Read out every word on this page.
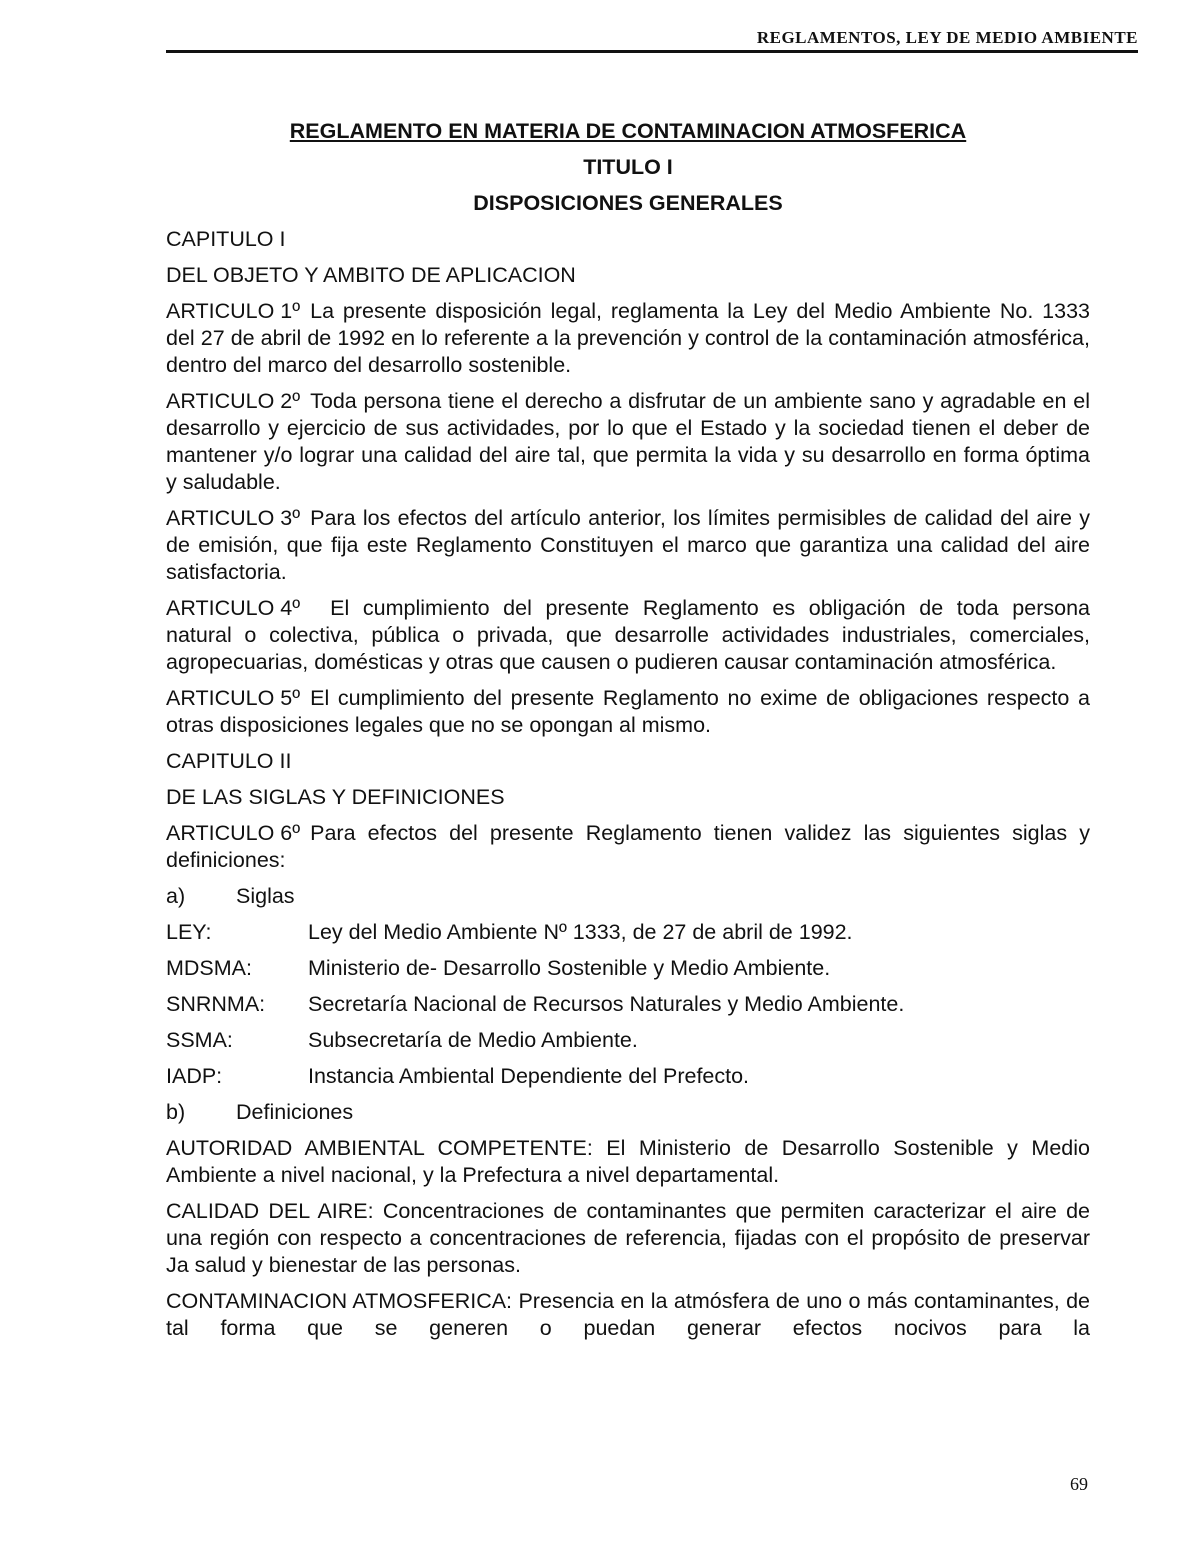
REGLAMENTOS, LEY DE MEDIO AMBIENTE
REGLAMENTO EN MATERIA DE CONTAMINACION ATMOSFERICA
TITULO I
DISPOSICIONES GENERALES
CAPITULO I
DEL OBJETO Y AMBITO DE APLICACION
ARTICULO 1º La presente disposición legal, reglamenta la Ley del Medio Ambiente No. 1333 del 27 de abril de 1992 en lo referente a la prevención y control de la contaminación atmosférica, dentro del marco del desarrollo sostenible.
ARTICULO 2º Toda persona tiene el derecho a disfrutar de un ambiente sano y agradable en el desarrollo y ejercicio de sus actividades, por lo que el Estado y la sociedad tienen el deber de mantener y/o lograr una calidad del aire tal, que permita la vida y su desarrollo en forma óptima y saludable.
ARTICULO 3º Para los efectos del artículo anterior, los límites permisibles de calidad del aire y de emisión, que fija este Reglamento Constituyen el marco que garantiza una calidad del aire satisfactoria.
ARTICULO 4º El cumplimiento del presente Reglamento es obligación de toda persona natural o colectiva, pública o privada, que desarrolle actividades industriales, comerciales, agropecuarias, domésticas y otras que causen o pudieren causar contaminación atmosférica.
ARTICULO 5º El cumplimiento del presente Reglamento no exime de obligaciones respecto a otras disposiciones legales que no se opongan al mismo.
CAPITULO II
DE LAS SIGLAS Y DEFINICIONES
ARTICULO 6º Para efectos del presente Reglamento tienen validez las siguientes siglas y definiciones:
a)	Siglas
LEY:	Ley del Medio Ambiente Nº 1333, de 27 de abril de 1992.
MDSMA:	Ministerio de- Desarrollo Sostenible y Medio Ambiente.
SNRNMA:	Secretaría Nacional de Recursos Naturales y Medio Ambiente.
SSMA:	Subsecretaría de Medio Ambiente.
IADP:	Instancia Ambiental Dependiente del Prefecto.
b)	Definiciones
AUTORIDAD AMBIENTAL COMPETENTE: El Ministerio de Desarrollo Sostenible y Medio Ambiente a nivel nacional, y la Prefectura a nivel departamental.
CALIDAD DEL AIRE: Concentraciones de contaminantes que permiten caracterizar el aire de una región con respecto a concentraciones de referencia, fijadas con el propósito de preservar Ja salud y bienestar de las personas.
CONTAMINACION ATMOSFERICA: Presencia en la atmósfera de uno o más contaminantes, de tal forma que se generen o puedan generar efectos nocivos para la
69
